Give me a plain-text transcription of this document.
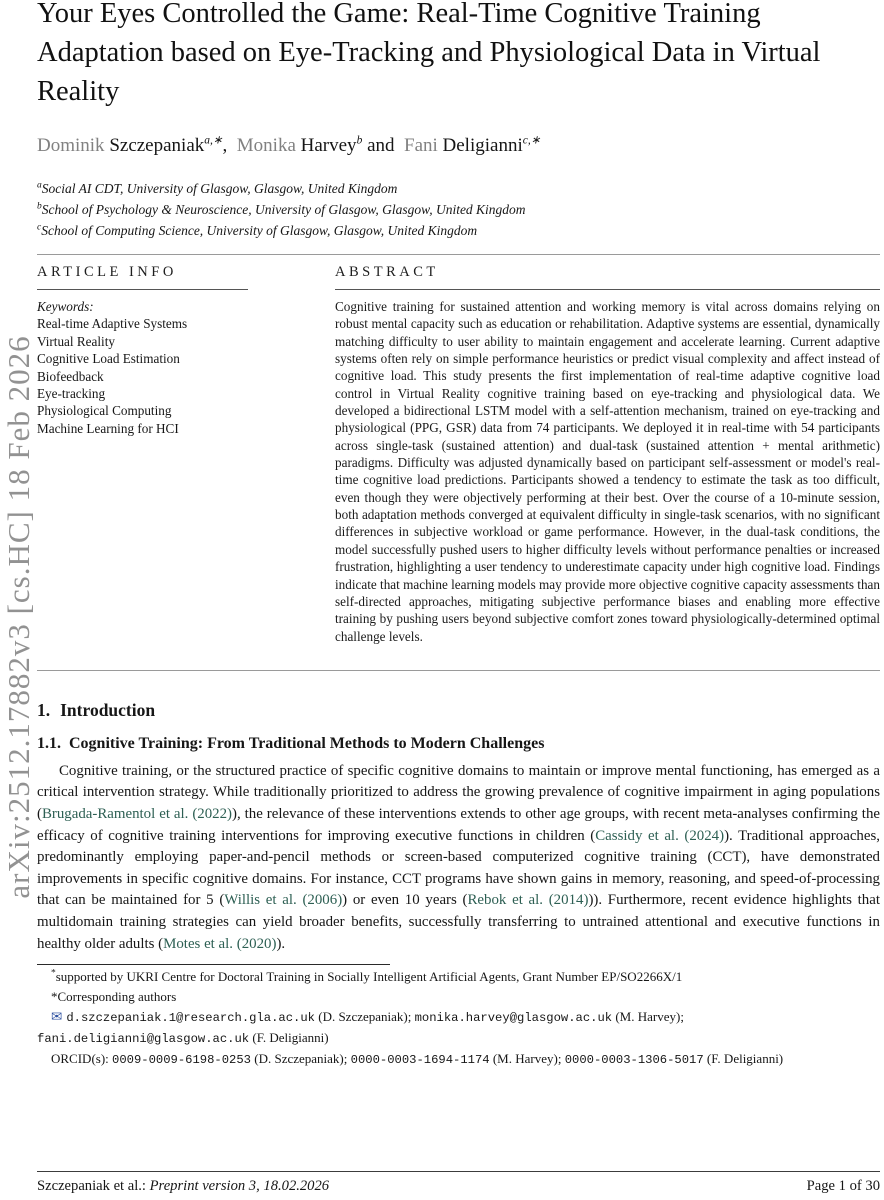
arXiv:2512.17882v3 [cs.HC] 18 Feb 2026
Your Eyes Controlled the Game: Real-Time Cognitive Training Adaptation based on Eye-Tracking and Physiological Data in Virtual Reality
Dominik Szczepaniak$^{a,∗}$,  Monika Harvey$^b$ and  Fani Deligianni$^{c,∗}$
$^a$Social AI CDT, University of Glasgow, Glasgow, United Kingdom
$^b$School of Psychology & Neuroscience, University of Glasgow, Glasgow, United Kingdom
$^c$School of Computing Science, University of Glasgow, Glasgow, United Kingdom
ARTICLE INFO
Keywords:
Real-time Adaptive Systems
Virtual Reality
Cognitive Load Estimation
Biofeedback
Eye-tracking
Physiological Computing
Machine Learning for HCI
ABSTRACT

Cognitive training for sustained attention and working memory is vital across domains relying on robust mental capacity such as education or rehabilitation. Adaptive systems are essential, dynamically matching difficulty to user ability to maintain engagement and accelerate learning. Current adaptive systems often rely on simple performance heuristics or predict visual complexity and affect instead of cognitive load. This study presents the first implementation of real-time adaptive cognitive load control in Virtual Reality cognitive training based on eye-tracking and physiological data. We developed a bidirectional LSTM model with a self-attention mechanism, trained on eye-tracking and physiological (PPG, GSR) data from 74 participants. We deployed it in real-time with 54 participants across single-task (sustained attention) and dual-task (sustained attention + mental arithmetic) paradigms. Difficulty was adjusted dynamically based on participant self-assessment or model's real-time cognitive load predictions. Participants showed a tendency to estimate the task as too difficult, even though they were objectively performing at their best. Over the course of a 10-minute session, both adaptation methods converged at equivalent difficulty in single-task scenarios, with no significant differences in subjective workload or game performance. However, in the dual-task conditions, the model successfully pushed users to higher difficulty levels without performance penalties or increased frustration, highlighting a user tendency to underestimate capacity under high cognitive load. Findings indicate that machine learning models may provide more objective cognitive capacity assessments than self-directed approaches, mitigating subjective performance biases and enabling more effective training by pushing users beyond subjective comfort zones toward physiologically-determined optimal challenge levels.

1. Introduction
1.1. Cognitive Training: From Traditional Methods to Modern Challenges

Cognitive training, or the structured practice of specific cognitive domains to maintain or improve mental functioning, has emerged as a critical intervention strategy. While traditionally prioritized to address the growing prevalence of cognitive impairment in aging populations (Brugada-Ramentol et al. (2022)), the relevance of these interventions extends to other age groups, with recent meta-analyses confirming the efficacy of cognitive training interventions for improving executive functions in children (Cassidy et al. (2024)). Traditional approaches, predominantly employing paper-and-pencil methods or screen-based computerized cognitive training (CCT), have demonstrated improvements in specific cognitive domains. For instance, CCT programs have shown gains in memory, reasoning, and speed-of-processing that can be maintained for 5 (Willis et al. (2006)) or even 10 years (Rebok et al. (2014))). Furthermore, recent evidence highlights that multidomain training strategies can yield broader benefits, successfully transferring to untrained attentional and executive functions in healthy older adults (Motes et al. (2020)).

*supported by UKRI Centre for Doctoral Training in Socially Intelligent Artificial Agents, Grant Number EP/SO2266X/1

*Corresponding authors

✉ d.szczepaniak.1@research.gla.ac.uk (D. Szczepaniak); monika.harvey@glasgow.ac.uk (M. Harvey); fani.deligianni@glasgow.ac.uk (F. Deligianni)

ORCID(s): 0009-0009-6198-0253 (D. Szczepaniak); 0000-0003-1694-1174 (M. Harvey); 0000-0003-1306-5017 (F. Deligianni)

Szczepaniak et al.: Preprint version 3, 18.02.2026	Page 1 of 30
